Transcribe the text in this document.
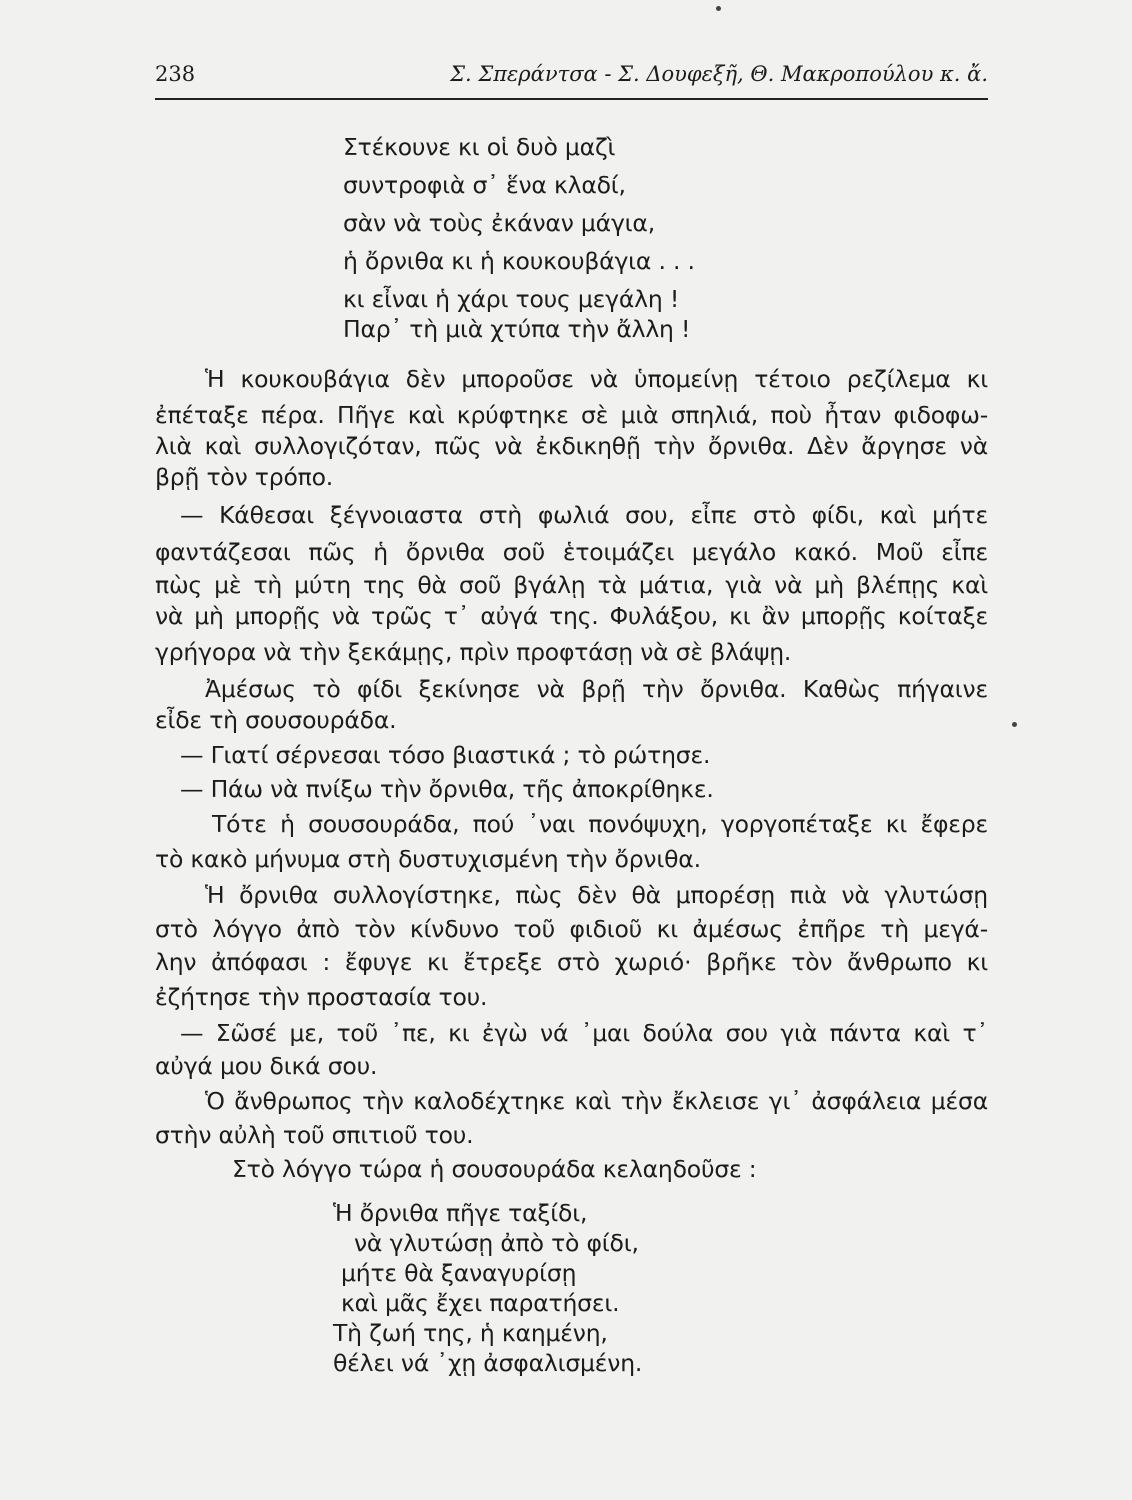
238	Σ. Σπεράντσα - Σ. Δουφεξῆ, Θ. Μακροπούλου κ. ἄ.
Στέκουνε κι οἱ δυὸ μαζὶ
συντροφιὰ σ᾿ ἕνα κλαδί,
σὰν νὰ τοὺς ἐκάναν μάγια,
ἡ ὄρνιθα κι ἡ κουκουβάγια . . .
κι εἶναι ἡ χάρι τους μεγάλη !
Παρ᾿ τὴ μιὰ χτύπα τὴν ἄλλη !
Ἡ κουκουβάγια δὲν μποροῦσε νὰ ὑπομείνῃ τέτοιο ρεζίλεμα κι
ἐπέταξε πέρα. Πῆγε καὶ κρύφτηκε σὲ μιὰ σπηλιά, ποὺ ἦταν φιδοφω-
λιὰ καὶ συλλογιζόταν, πῶς νὰ ἐκδικηθῇ τὴν ὄρνιθα. Δὲν ἄργησε νὰ
βρῇ τὸν τρόπο.
— Κάθεσαι ξέγνοιαστα στὴ φωλιά σου, εἶπε στὸ φίδι, καὶ μήτε
φαντάζεσαι πῶς ἡ ὄρνιθα σοῦ ἑτοιμάζει μεγάλο κακό. Μοῦ εἶπε
πὼς μὲ τὴ μύτη της θὰ σοῦ βγάλῃ τὰ μάτια, γιὰ νὰ μὴ βλέπῃς καὶ
νὰ μὴ μπορῇς νὰ τρῶς τ᾿ αὐγά της. Φυλάξου, κι ἂν μπορῇς κοίταξε
γρήγορα νὰ τὴν ξεκάμῃς, πρὶν προφτάσῃ νὰ σὲ βλάψῃ.
Ἀμέσως τὸ φίδι ξεκίνησε νὰ βρῇ τὴν ὄρνιθα. Καθὼς πήγαινε
εἶδε τὴ σουσουράδα.
— Γιατί σέρνεσαι τόσο βιαστικά ; τὸ ρώτησε.
— Πάω νὰ πνίξω τὴν ὄρνιθα, τῆς ἀποκρίθηκε.
Τότε ἡ σουσουράδα, πού ᾿ναι πονόψυχη, γοργοπέταξε κι ἔφερε
τὸ κακὸ μήνυμα στὴ δυστυχισμένη τὴν ὄρνιθα.
Ἡ ὄρνιθα συλλογίστηκε, πὼς δὲν θὰ μπορέσῃ πιὰ νὰ γλυτώσῃ
στὸ λόγγο ἀπὸ τὸν κίνδυνο τοῦ φιδιοῦ κι ἀμέσως ἐπῆρε τὴ μεγά-
λην ἀπόφασι : ἔφυγε κι ἔτρεξε στὸ χωριό· βρῆκε τὸν ἄνθρωπο κι
ἐζήτησε τὴν προστασία του.
— Σῶσέ με, τοῦ ᾿πε, κι ἐγὼ νά ᾿μαι δούλα σου γιὰ πάντα καὶ τ᾿
αὐγά μου δικά σου.
Ὁ ἄνθρωπος τὴν καλοδέχτηκε καὶ τὴν ἔκλεισε γι᾿ ἀσφάλεια μέσα
στὴν αὐλὴ τοῦ σπιτιοῦ του.
Στὸ λόγγο τώρα ἡ σουσουράδα κελαηδοῦσε :
Ἡ ὄρνιθα πῆγε ταξίδι,
νὰ γλυτώσῃ ἀπὸ τὸ φίδι,
μήτε θὰ ξαναγυρίσῃ
καὶ μᾶς ἔχει παρατήσει.
Τὴ ζωή της, ἡ καημένη,
θέλει νά ᾿χῃ ἀσφαλισμένη.
